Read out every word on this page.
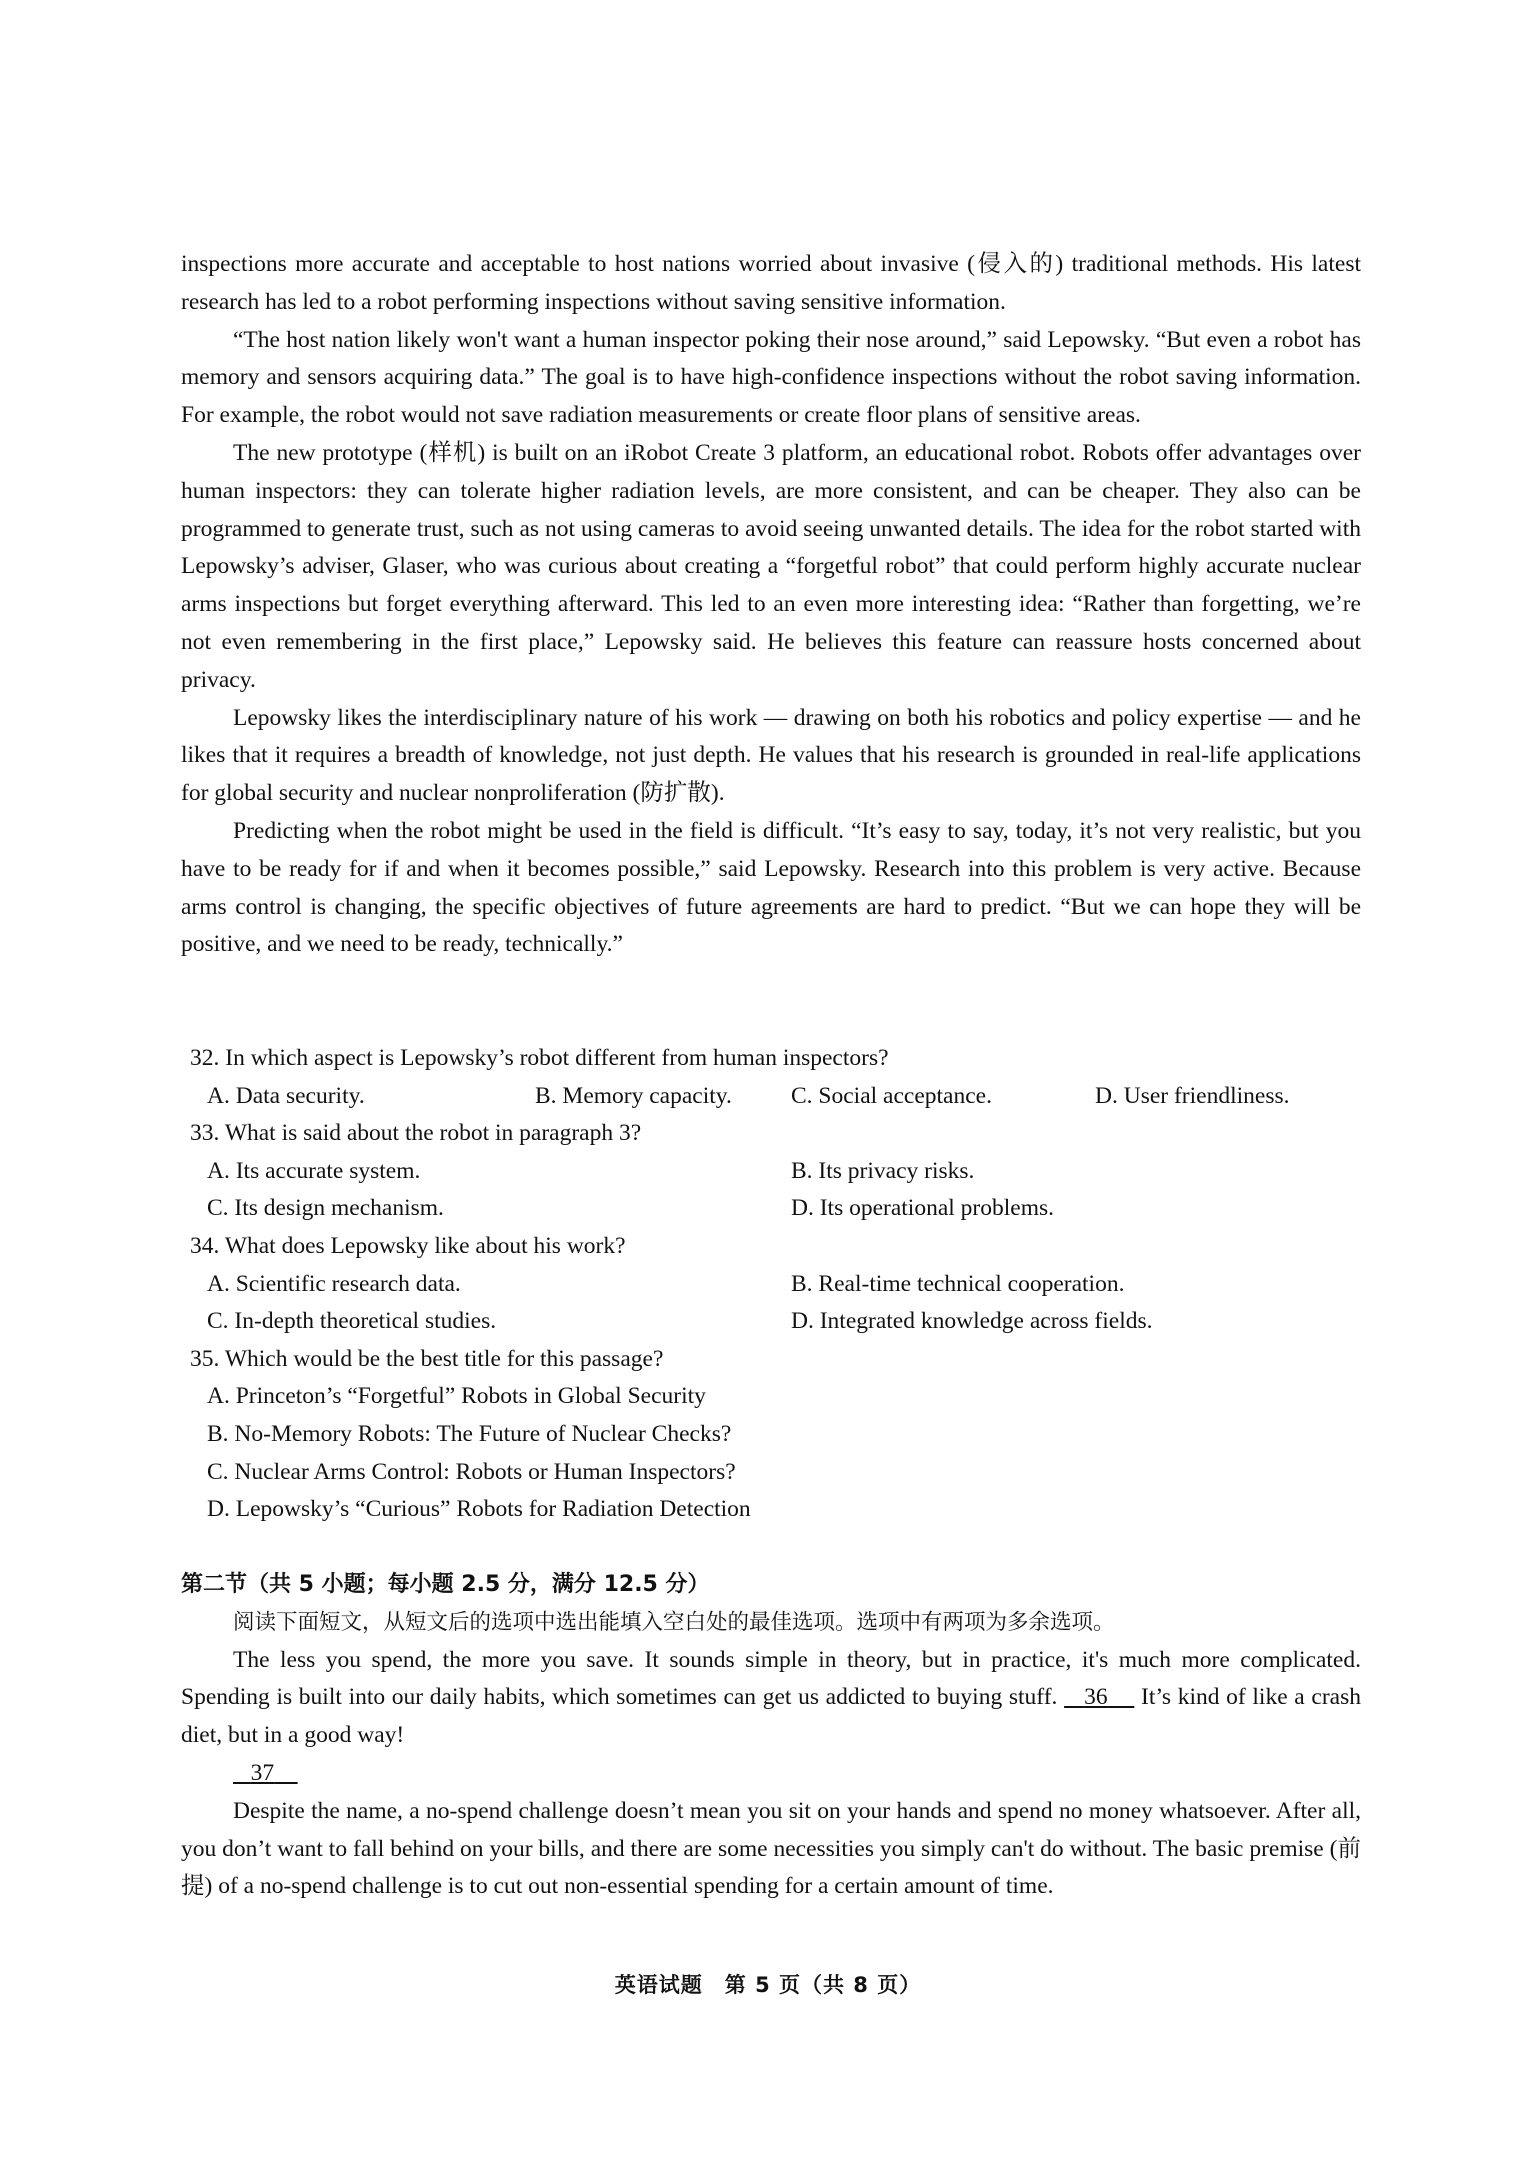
inspections more accurate and acceptable to host nations worried about invasive (侵入的) traditional methods. His latest research has led to a robot performing inspections without saving sensitive information.

“The host nation likely won't want a human inspector poking their nose around,” said Lepowsky. “But even a robot has memory and sensors acquiring data.” The goal is to have high-confidence inspections without the robot saving information. For example, the robot would not save radiation measurements or create floor plans of sensitive areas.

The new prototype (样机) is built on an iRobot Create 3 platform, an educational robot. Robots offer advantages over human inspectors: they can tolerate higher radiation levels, are more consistent, and can be cheaper. They also can be programmed to generate trust, such as not using cameras to avoid seeing unwanted details. The idea for the robot started with Lepowsky’s adviser, Glaser, who was curious about creating a “forgetful robot” that could perform highly accurate nuclear arms inspections but forget everything afterward. This led to an even more interesting idea: “Rather than forgetting, we’re not even remembering in the first place,” Lepowsky said. He believes this feature can reassure hosts concerned about privacy.

Lepowsky likes the interdisciplinary nature of his work — drawing on both his robotics and policy expertise — and he likes that it requires a breadth of knowledge, not just depth. He values that his research is grounded in real-life applications for global security and nuclear nonproliferation (防扩散).

Predicting when the robot might be used in the field is difficult. “It’s easy to say, today, it’s not very realistic, but you have to be ready for if and when it becomes possible,” said Lepowsky. Research into this problem is very active. Because arms control is changing, the specific objectives of future agreements are hard to predict. “But we can hope they will be positive, and we need to be ready, technically.”

32. In which aspect is Lepowsky’s robot different from human inspectors?

A. Data security.	B. Memory capacity.	C. Social acceptance.	D. User friendliness.

33. What is said about the robot in paragraph 3?

A. Its accurate system.	B. Its privacy risks.
C. Its design mechanism.	D. Its operational problems.

34. What does Lepowsky like about his work?

A. Scientific research data.	B. Real-time technical cooperation.
C. In-depth theoretical studies.	D. Integrated knowledge across fields.

35. Which would be the best title for this passage?

A. Princeton’s “Forgetful” Robots in Global Security
B. No-Memory Robots: The Future of Nuclear Checks?
C. Nuclear Arms Control: Robots or Human Inspectors?
D. Lepowsky’s “Curious” Robots for Radiation Detection

第二节（共 5 小题；每小题 2.5 分，满分 12.5 分）

阅读下面短文，从短文后的选项中选出能填入空白处的最佳选项。选项中有两项为多余选项。

The less you spend, the more you save. It sounds simple in theory, but in practice, it's much more complicated. Spending is built into our daily habits, which sometimes can get us addicted to buying stuff.    36     It’s kind of like a crash diet, but in a good way!

37

Despite the name, a no-spend challenge doesn’t mean you sit on your hands and spend no money whatsoever. After all, you don’t want to fall behind on your bills, and there are some necessities you simply can't do without. The basic premise (前提) of a no-spend challenge is to cut out non-essential spending for a certain amount of time.

英语试题　第 5 页（共 8 页）
